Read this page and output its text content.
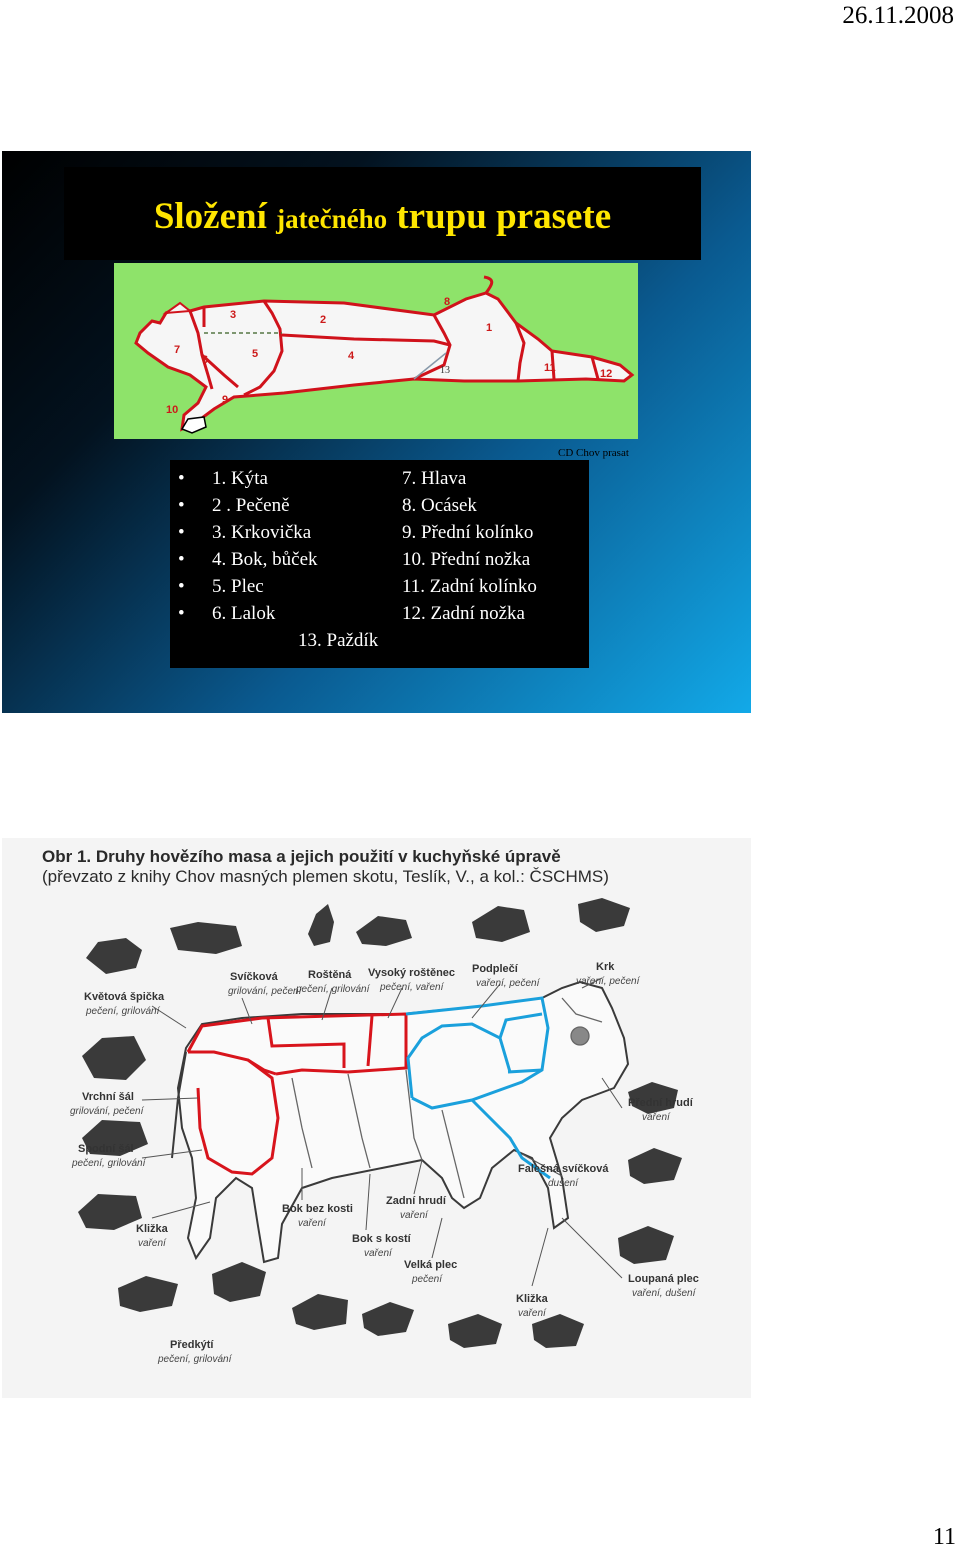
26.11.2008
Složení jatečného trupu prasete
1
2
3
4
5
6
7
8
9
10
11	12
13
CD Chov prasat
• 1. Kýta
• 2 . Pečeně
• 3. Krkovička
• 4. Bok, bůček
• 5. Plec
• 6. Lalok
7. Hlava
8. Ocásek
9. Přední kolínko
10. Přední nožka
11. Zadní kolínko
12. Zadní nožka
13. Paždík
Obr 1. Druhy hovězího masa a jejich použití v kuchyňské úpravě
(převzato z knihy Chov masných plemen skotu, Teslík, V., a kol.: ČSCHMS)
Květová špička
pečení, grilování
Svíčková
grilování, pečení
Roštěná
pečení, grilování
Vysoký roštěnec
pečení, vaření
Podplečí
vaření, pečení
Krk
vaření, pečení
Vrchní šál
grilování, pečení
Spodní šál
pečení, grilování
Přední hrudí
vaření
Falešná svíčková
dušení
Bok bez kosti
vaření
Zadní hrudí
vaření
Bok s kostí
vaření
Velká plec
pečení
Kližka
vaření
Kližka
vaření
Loupaná plec
vaření, dušení
Předkýtí
pečení, grilování
11
